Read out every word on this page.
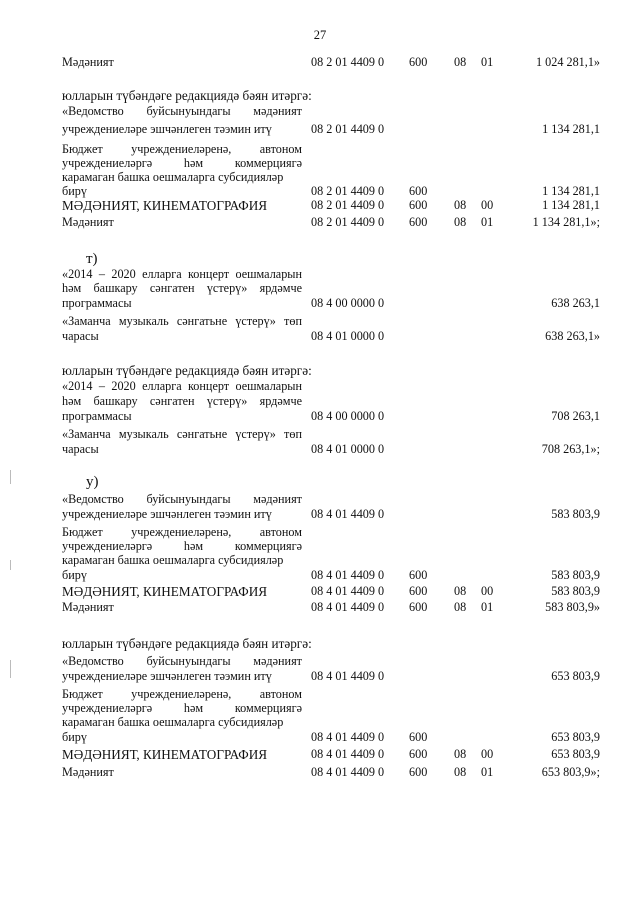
27
Мәдәният	08 2 01 4409 0 600 08 01	1 024 281,1»
юлларын түбәндәге редакциядә бәян итәргә:
«Ведомство буйсынуындагы мәдәният
учреждениеләре эшчәнлеген тәэмин итү	08 2 01 4409 0	1 134 281,1
Бюджет учреждениеләренә, автоном
учреждениеләргә һәм коммерциягә
карамаган башка оешмаларга субсидияләр
бирү	08 2 01 4409 0 600	1 134 281,1
МӘДӘНИЯТ, КИНЕМАТОГРАФИЯ	08 2 01 4409 0 600 08 00	1 134 281,1
Мәдәният	08 2 01 4409 0 600 08 01	1 134 281,1»;
т)
«2014 – 2020 елларга концерт оешмаларын
һәм башкару сәнгатен үстерү» ярдәмче
программасы	08 4 00 0000 0	638 263,1
«Заманча музыкаль сәнгатьне үстерү» төп
чарасы	08 4 01 0000 0	638 263,1»
юлларын түбәндәге редакциядә бәян итәргә:
«2014 – 2020 елларга концерт оешмаларын
һәм башкару сәнгатен үстерү» ярдәмче
программасы	08 4 00 0000 0	708 263,1
«Заманча музыкаль сәнгатьне үстерү» төп
чарасы	08 4 01 0000 0	708 263,1»;
у)
«Ведомство буйсынуындагы мәдәният
учреждениеләре эшчәнлеген тәэмин итү	08 4 01 4409 0	583 803,9
Бюджет учреждениеләренә, автоном
учреждениеләргә һәм коммерциягә
карамаган башка оешмаларга субсидияләр
бирү	08 4 01 4409 0 600	583 803,9
МӘДӘНИЯТ, КИНЕМАТОГРАФИЯ	08 4 01 4409 0 600 08 00	583 803,9
Мәдәният	08 4 01 4409 0 600 08 01	583 803,9»
юлларын түбәндәге редакциядә бәян итәргә:
«Ведомство буйсынуындагы мәдәният
учреждениеләре эшчәнлеген тәэмин итү	08 4 01 4409 0	653 803,9
Бюджет учреждениеләренә, автоном
учреждениеләргә һәм коммерциягә
карамаган башка оешмаларга субсидияләр
бирү	08 4 01 4409 0 600	653 803,9
МӘДӘНИЯТ, КИНЕМАТОГРАФИЯ	08 4 01 4409 0 600 08 00	653 803,9
Мәдәният	08 4 01 4409 0 600 08 01	653 803,9»;
